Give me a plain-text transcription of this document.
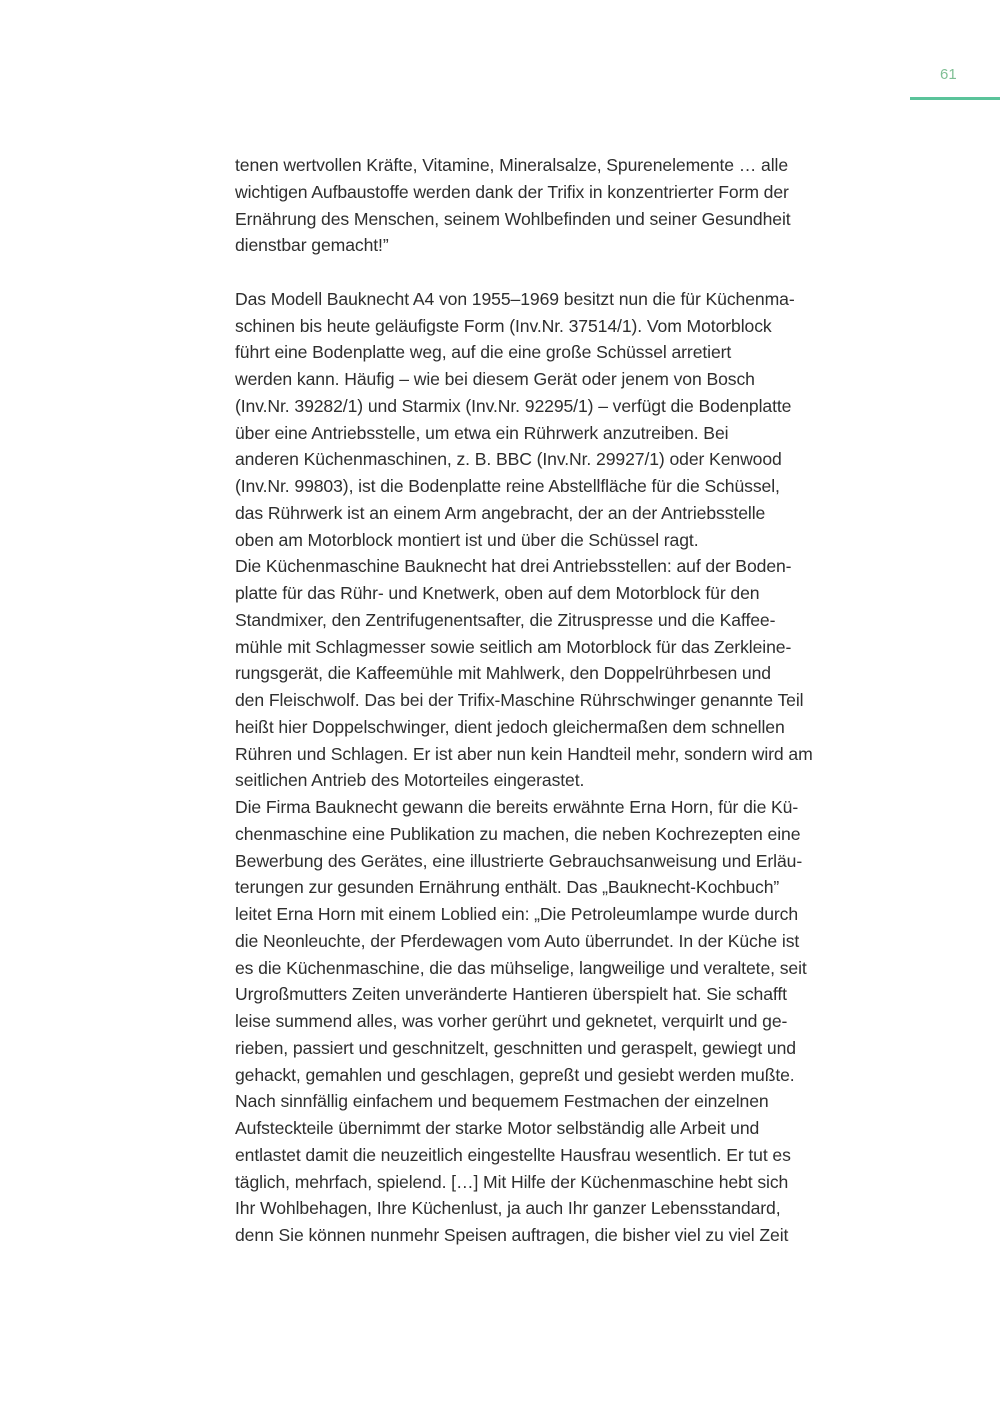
61
tenen wertvollen Kräfte, Vitamine, Mineralsalze, Spurenelemente … alle
wichtigen Aufbaustoffe werden dank der Trifix in konzentrierter Form der
Ernährung des Menschen, seinem Wohlbefinden und seiner Gesundheit
dienstbar gemacht!”
Das Modell Bauknecht A4 von 1955–1969 besitzt nun die für Küchenma-
schinen bis heute geläufigste Form (Inv.Nr. 37514/1). Vom Motorblock
führt eine Bodenplatte weg, auf die eine große Schüssel arretiert
werden kann. Häufig – wie bei diesem Gerät oder jenem von Bosch
(Inv.Nr. 39282/1) und Starmix (Inv.Nr. 92295/1) – verfügt die Bodenplatte
über eine Antriebsstelle, um etwa ein Rührwerk anzutreiben. Bei
anderen Küchenmaschinen, z. B. BBC (Inv.Nr. 29927/1) oder Kenwood
(Inv.Nr. 99803), ist die Bodenplatte reine Abstellfläche für die Schüssel,
das Rührwerk ist an einem Arm angebracht, der an der Antriebsstelle
oben am Motorblock montiert ist und über die Schüssel ragt.
Die Küchenmaschine Bauknecht hat drei Antriebsstellen: auf der Boden-
platte für das Rühr- und Knetwerk, oben auf dem Motorblock für den
Standmixer, den Zentrifugenentsafter, die Zitruspresse und die Kaffee-
mühle mit Schlagmesser sowie seitlich am Motorblock für das Zerkleine-
rungsgerät, die Kaffeemühle mit Mahlwerk, den Doppelrührbesen und
den Fleischwolf. Das bei der Trifix-Maschine Rührschwinger genannte Teil
heißt hier Doppelschwinger, dient jedoch gleichermaßen dem schnellen
Rühren und Schlagen. Er ist aber nun kein Handteil mehr, sondern wird am
seitlichen Antrieb des Motorteiles eingerastet.
Die Firma Bauknecht gewann die bereits erwähnte Erna Horn, für die Kü-
chenmaschine eine Publikation zu machen, die neben Kochrezepten eine
Bewerbung des Gerätes, eine illustrierte Gebrauchsanweisung und Erläu-
terungen zur gesunden Ernährung enthält. Das „Bauknecht-Kochbuch”
leitet Erna Horn mit einem Loblied ein: „Die Petroleumlampe wurde durch
die Neonleuchte, der Pferdewagen vom Auto überrundet. In der Küche ist
es die Küchenmaschine, die das mühselige, langweilige und veraltete, seit
Urgroßmutters Zeiten unveränderte Hantieren überspielt hat. Sie schafft
leise summend alles, was vorher gerührt und geknetet, verquirlt und ge-
rieben, passiert und geschnitzelt, geschnitten und geraspelt, gewiegt und
gehackt, gemahlen und geschlagen, gepreßt und gesiebt werden mußte.
Nach sinnfällig einfachem und bequemem Festmachen der einzelnen
Aufsteckteile übernimmt der starke Motor selbständig alle Arbeit und
entlastet damit die neuzeitlich eingestellte Hausfrau wesentlich. Er tut es
täglich, mehrfach, spielend. […] Mit Hilfe der Küchenmaschine hebt sich
Ihr Wohlbehagen, Ihre Küchenlust, ja auch Ihr ganzer Lebensstandard,
denn Sie können nunmehr Speisen auftragen, die bisher viel zu viel Zeit
